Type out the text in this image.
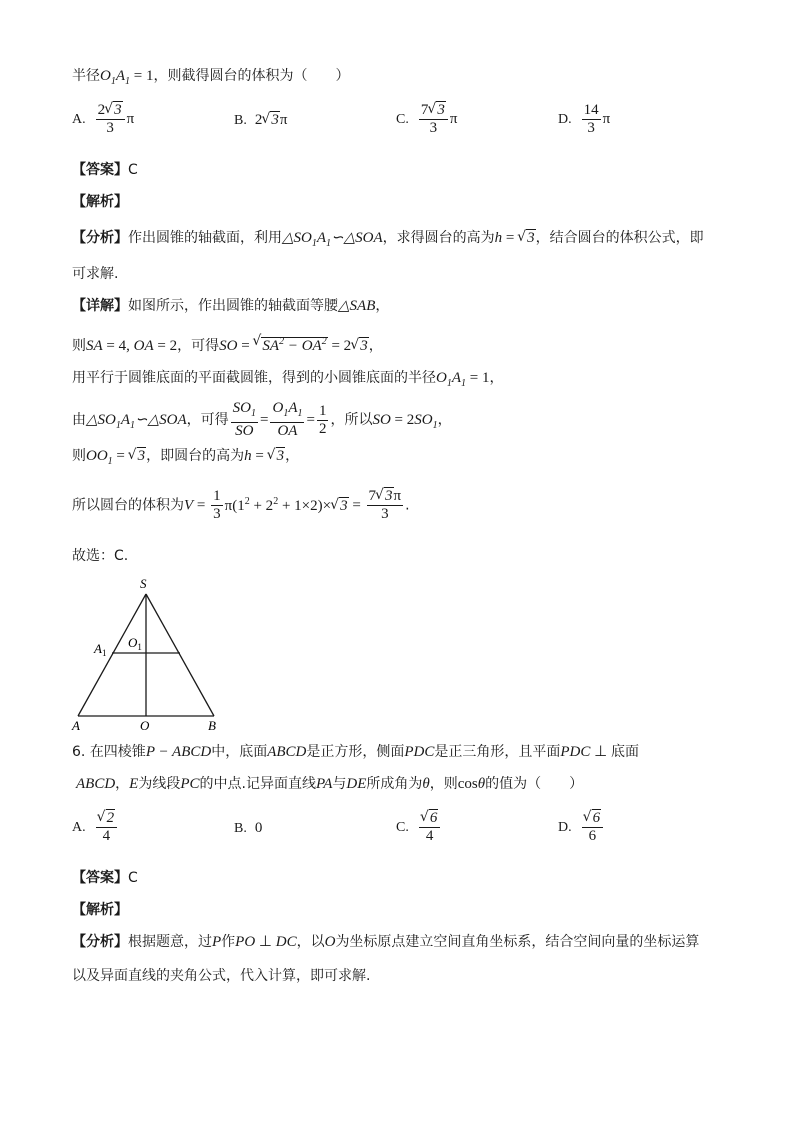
半径$O_1A_1 = 1$，则截得圆台的体积为（　　）
A. $\frac{2√ 3}{3}$ π	B. 2√ 3π	C. $\frac{7√ 3}{3}$ π	D. $\frac{14}{3}$ π
【答案】C
【解析】
【分析】作出圆锥的轴截面，利用$\triangle SO_1A_1∽\triangle SOA$，求得圆台的高为h = √ 3，结合圆台的体积公式，即
可求解.
【详解】如图所示，作出圆锥的轴截面等腰△SAB，
则SA = 4, OA = 2，可得SO = √ $SA^2 - OA^2 = 2√$ 3，
用平行于圆锥底面的平面截圆锥，得到的小圆锥底面的半径$O_1A_1 = 1$，
由$\triangle SO_1A_1∽\triangle SOA$，可得 $\frac{SO_1}{SO} = \frac{O_1A_1}{OA} = \frac{1}{2}$ ，所以SO = $2SO_1$，
则$OO_1$ = √ 3，即圆台的高为h = √ 3，
所以圆台的体积为$V = \frac{1}{3} \pi(1^2 + 2^2 + 1\times 2)\times√$ $3 = \frac{7√ 3\pi}{3}$ .
故选：C.
S
$O_1$
$A_1$
A	O	B
6. 在四棱锥P − ABCD中，底面ABCD是正方形，侧面PDC是正三角形，且平面PDC ⊥ 底面
ABCD，E为线段PC的中点.记异面直线PA与DE所成角为θ，则cosθ的值为（　　）
A.
√ $\frac{2}{4}$	B. 0	C.
√ $\frac{6}{4}$	D.
√ $\frac{6}{6}$
【答案】C
【解析】
【分析】根据题意，过P作PO ⊥ DC，以O为坐标原点建立空间直角坐标系，结合空间向量的坐标运算
以及异面直线的夹角公式，代入计算，即可求解.
